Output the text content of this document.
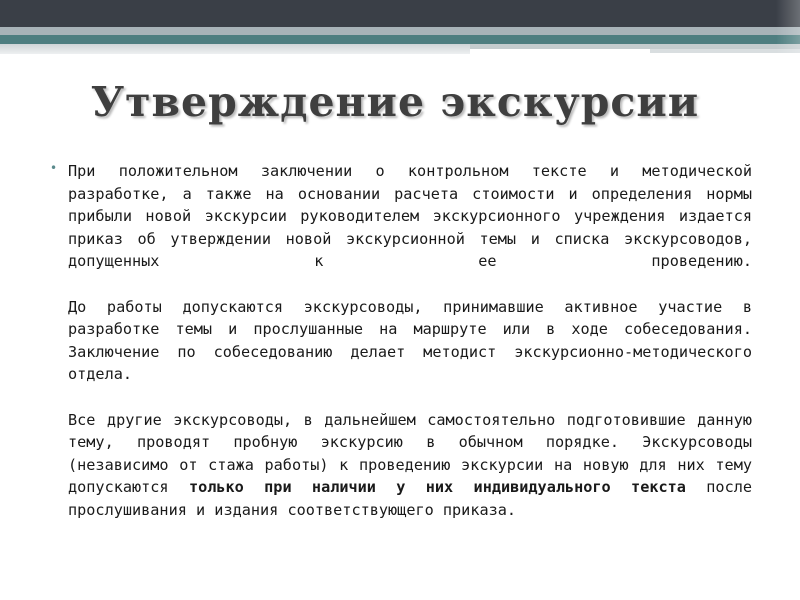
Утверждение экскурсии
• При положительном заключении о контрольном тексте и методической разработке, а также на основании расчета стоимости и определения нормы прибыли новой экскурсии руководителем экскурсионного учреждения издается приказ об утверждении новой экскурсионной темы и списка экскурсоводов, допущенных к ее проведению.

До работы допускаются экскурсоводы, принимавшие активное участие в разработке темы и прослушанные на маршруте или в ходе собеседования. Заключение по собеседованию делает методист экскурсионно-методического отдела.

Все другие экскурсоводы, в дальнейшем самостоятельно подготовившие данную тему, проводят пробную экскурсию в обычном порядке. Экскурсоводы (независимо от стажа работы) к проведению экскурсии на новую для них тему допускаются только при наличии у них индивидуального текста после прослушивания и издания соответствующего приказа.
